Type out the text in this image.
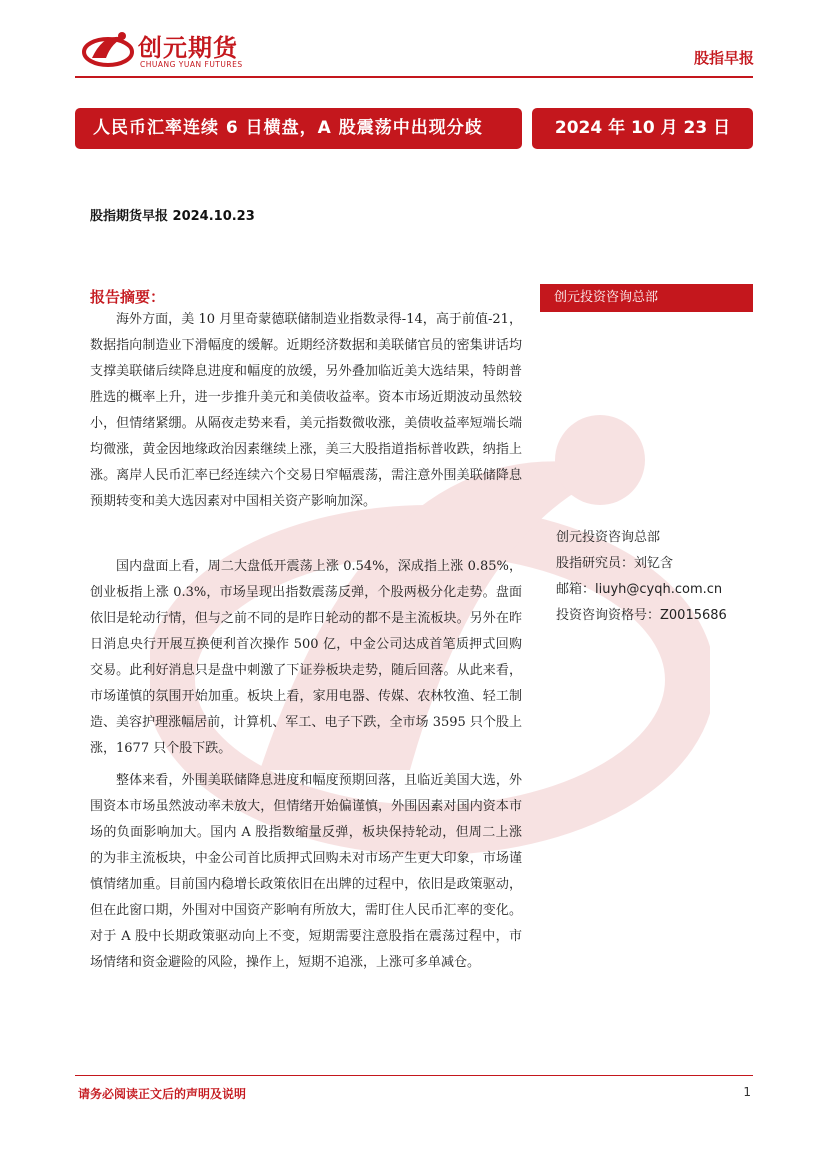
创元期货
CHUANG YUAN FUTURES	股指早报
人民币汇率连续 6 日横盘，A 股震荡中出现分歧	2024 年 10 月 23 日
股指期货早报 2024.10.23
报告摘要：

海外方面，美 10 月里奇蒙德联储制造业指数录得-14，高于前值-21，数据指向制造业下滑幅度的缓解。近期经济数据和美联储官员的密集讲话均支撑美联储后续降息进度和幅度的放缓，另外叠加临近美大选结果，特朗普胜选的概率上升，进一步推升美元和美债收益率。资本市场近期波动虽然较小，但情绪紧绷。从隔夜走势来看，美元指数微收涨，美债收益率短端长端均微涨，黄金因地缘政治因素继续上涨，美三大股指道指标普收跌，纳指上涨。离岸人民币汇率已经连续六个交易日窄幅震荡，需注意外围美联储降息预期转变和美大选因素对中国相关资产影响加深。

国内盘面上看，周二大盘低开震荡上涨 0.54%，深成指上涨 0.85%，创业板指上涨 0.3%，市场呈现出指数震荡反弹，个股两极分化走势。盘面依旧是轮动行情，但与之前不同的是昨日轮动的都不是主流板块。另外在昨日消息央行开展互换便利首次操作 500 亿，中金公司达成首笔质押式回购交易。此利好消息只是盘中刺激了下证券板块走势，随后回落。从此来看，市场谨慎的氛围开始加重。板块上看，家用电器、传媒、农林牧渔、轻工制造、美容护理涨幅居前，计算机、军工、电子下跌，全市场 3595 只个股上涨，1677 只个股下跌。

整体来看，外围美联储降息进度和幅度预期回落，且临近美国大选，外围资本市场虽然波动率未放大，但情绪开始偏谨慎，外围因素对国内资本市场的负面影响加大。国内 A 股指数缩量反弹，板块保持轮动，但周二上涨的为非主流板块，中金公司首比质押式回购未对市场产生更大印象，市场谨慎情绪加重。目前国内稳增长政策依旧在出牌的过程中，依旧是政策驱动，但在此窗口期，外围对中国资产影响有所放大，需盯住人民币汇率的变化。对于 A 股中长期政策驱动向上不变，短期需要注意股指在震荡过程中，市场情绪和资金避险的风险，操作上，短期不追涨，上涨可多单减仓。

创元投资咨询总部
创元投资咨询总部
股指研究员：刘钇含
邮箱：liuyh@cyqh.com.cn
投资咨询资格号：Z0015686
请务必阅读正文后的声明及说明	1
